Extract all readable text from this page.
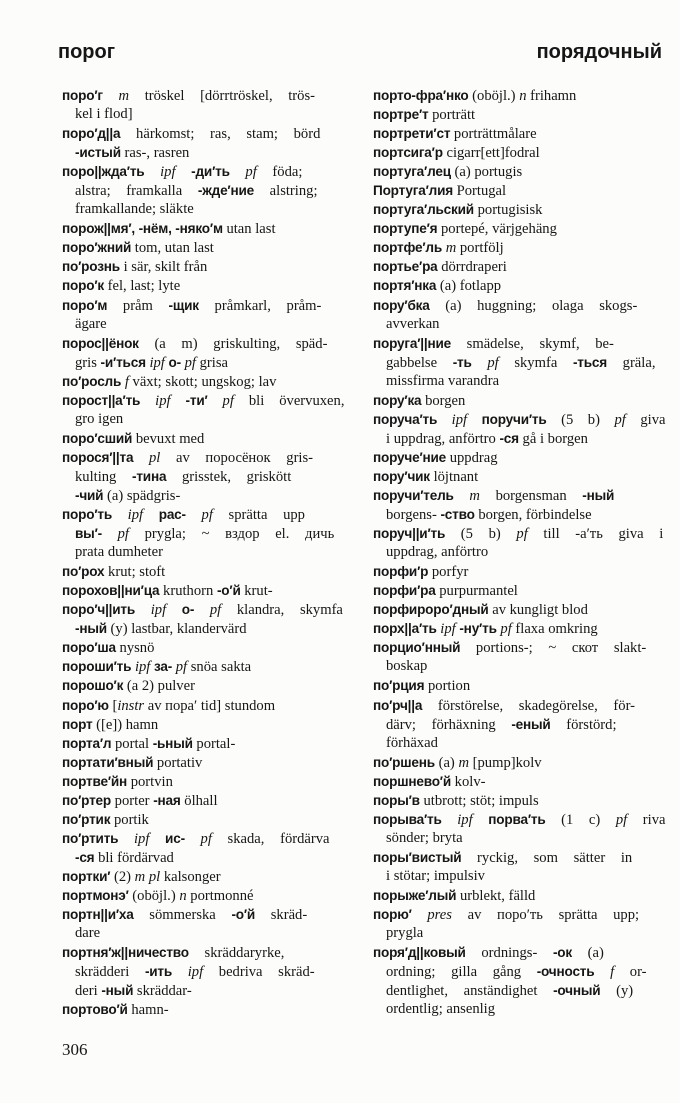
порог	порядочный
поро′г m tröskel [dörrtröskel, trös-
kel i flod]
поро′д||а härkomst; ras, stam; börd
-истый ras-, rasren
поро||жда′ть ipf -ди′ть pf föda;
alstra; framkalla -жде′ние alstring;
framkallande; släkte
порож||мя′, -нём, -няко′м utan last
поро′жний tom, utan last
по′рознь i sär, skilt från
поро′к fel, last; lyte
поро′м pråm -щик pråmkarl, pråm-
ägare
порос||ёнок (a m) griskulting, späd-
gris -и′ться ipf о- pf grisa
по′росль f växt; skott; ungskog; lav
порост||а′ть ipf -ти′ pf bli övervuxen,
gro igen
поро′сший bevuxt med
порося′||та pl av поросёнок gris-
kulting -тина grisstek, griskött
-чий (a) spädgris-
поро′ть ipf рас- pf sprätta upp
вы′- pf prygla; ~ вздор el. дичь
prata dumheter
по′рох krut; stoft
порохов||ни′ца kruthorn -о′й krut-
поро′ч||ить ipf о- pf klandra, skymfa
-ный (y) lastbar, klandervärd
поро′ша nysnö
пороши′ть ipf за- pf snöa sakta
порошо′к (a 2) pulver
поро′ю [instr av пора′ tid] stundom
порт ([e]) hamn
порта′л portal -ьный portal-
портати′вный portativ
портве′йн portvin
по′ртер porter -ная ölhall
по′ртик portik
по′ртить ipf ис- pf skada, fördärva
-ся bli fördärvad
портки′ (2) m pl kalsonger
портмонэ′ (oböjl.) n portmonné
портн||и′ха sömmerska -о′й skräd-
dare
портня′ж||ничество skräddaryrke,
skrädderi -ить ipf bedriva skräd-
deri -ный skräddar-
портово′й hamn-
порто-фра′нко (oböjl.) n frihamn
портре′т porträtt
портрети′ст porträttmålare
портсига′р cigarr[ett]fodral
португа′лец (a) portugis
Португа′лия Portugal
португа′льский portugisisk
портупе′я portepé, värjgehäng
портфе′ль m portfölj
портье′ра dörrdraperi
портя′нка (a) fotlapp
пору′бка (a) huggning; olaga skogs-
avverkan
поруга′||ние smädelse, skymf, be-
gabbelse -ть pf skymfa -ться gräla,
missfirma varandra
пору′ка borgen
поруча′ть ipf поручи′ть (5 b) pf giva
i uppdrag, anförtro -ся gå i borgen
поруче′ние uppdrag
пору′чик löjtnant
поручи′тель m borgensman -ный
borgens- -ство borgen, förbindelse
поруч||и′ть (5 b) pf till -а′ть giva i
uppdrag, anförtro
порфи′р porfyr
порфи′ра purpurmantel
порфироро′дный av kungligt blod
порх||а′ть ipf -ну′ть pf flaxa omkring
порцио′нный portions-; ~ скот slakt-
boskap
по′рция portion
по′рч||а förstörelse, skadegörelse, för-
därv; förhäxning -еный förstörd;
förhäxad
по′ршень (a) m [pump]kolv
поршнево′й kolv-
поры′в utbrott; stöt; impuls
порыва′ть ipf порва′ть (1 c) pf riva
sönder; bryta
поры′вистый ryckig, som sätter in
i stötar; impulsiv
порыже′лый urblekt, fälld
порю′ pres av поро′ть sprätta upp;
prygla
поря′д||ковый ordnings- -ок (a)
ordning; gilla gång -очность f or-
dentlighet, anständighet -очный (y)
ordentlig; ansenlig
306
